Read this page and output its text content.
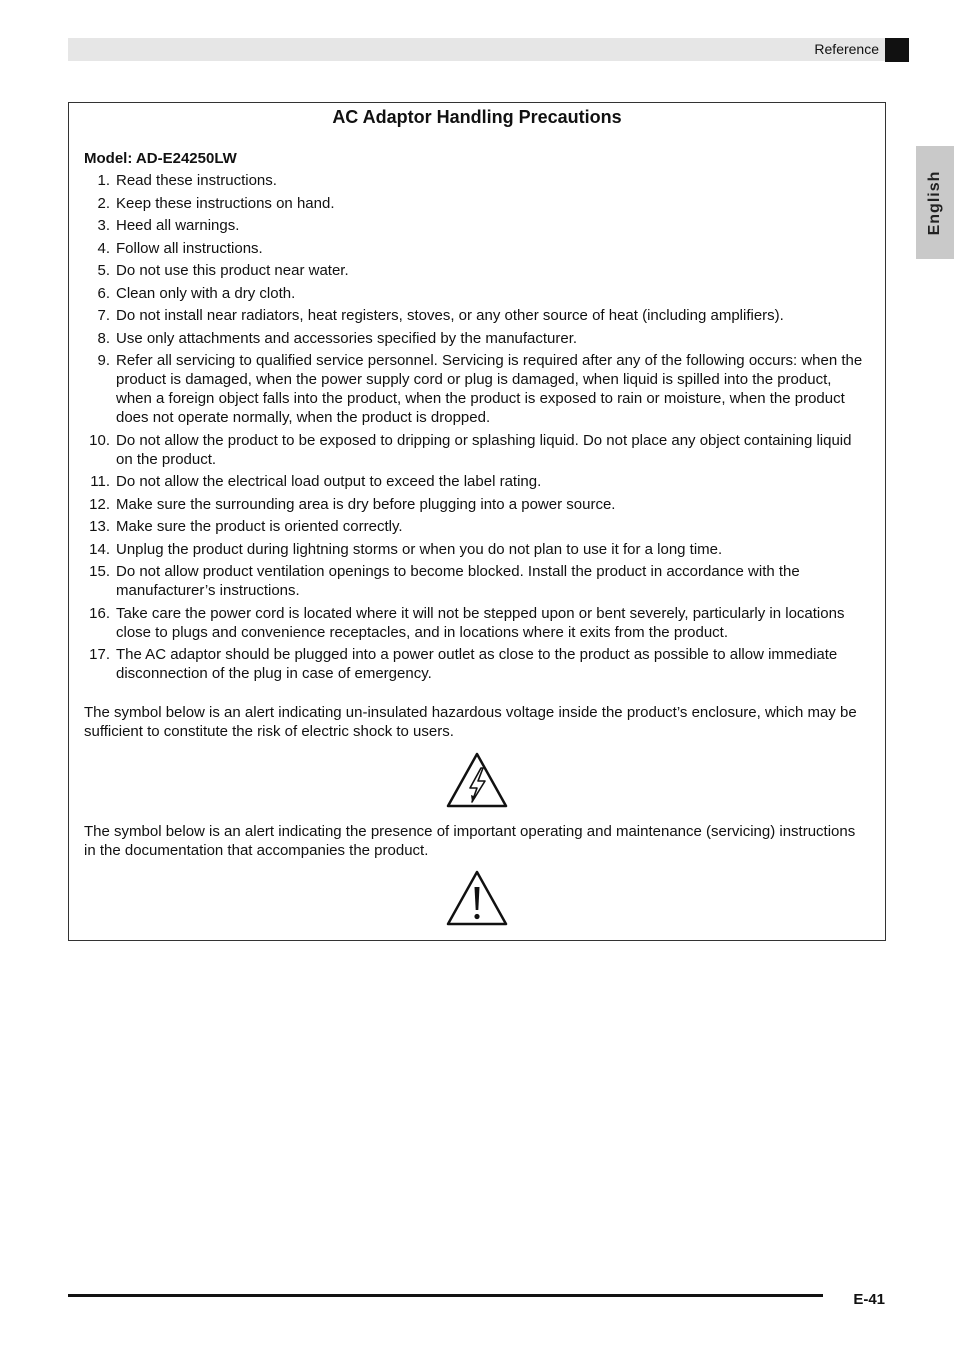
Reference
English
AC Adaptor Handling Precautions
Model: AD-E24250LW
1. Read these instructions.
2. Keep these instructions on hand.
3. Heed all warnings.
4. Follow all instructions.
5. Do not use this product near water.
6. Clean only with a dry cloth.
7. Do not install near radiators, heat registers, stoves, or any other source of heat (including amplifiers).
8. Use only attachments and accessories specified by the manufacturer.
9. Refer all servicing to qualified service personnel. Servicing is required after any of the following occurs: when the product is damaged, when the power supply cord or plug is damaged, when liquid is spilled into the product, when a foreign object falls into the product, when the product is exposed to rain or moisture, when the product does not operate normally, when the product is dropped.
10. Do not allow the product to be exposed to dripping or splashing liquid. Do not place any object containing liquid on the product.
11. Do not allow the electrical load output to exceed the label rating.
12. Make sure the surrounding area is dry before plugging into a power source.
13. Make sure the product is oriented correctly.
14. Unplug the product during lightning storms or when you do not plan to use it for a long time.
15. Do not allow product ventilation openings to become blocked. Install the product in accordance with the manufacturer’s instructions.
16. Take care the power cord is located where it will not be stepped upon or bent severely, particularly in locations close to plugs and convenience receptacles, and in locations where it exits from the product.
17. The AC adaptor should be plugged into a power outlet as close to the product as possible to allow immediate disconnection of the plug in case of emergency.

The symbol below is an alert indicating un-insulated hazardous voltage inside the product’s enclosure, which may be sufficient to constitute the risk of electric shock to users.

The symbol below is an alert indicating the presence of important operating and maintenance (servicing) instructions in the documentation that accompanies the product.

E-41
